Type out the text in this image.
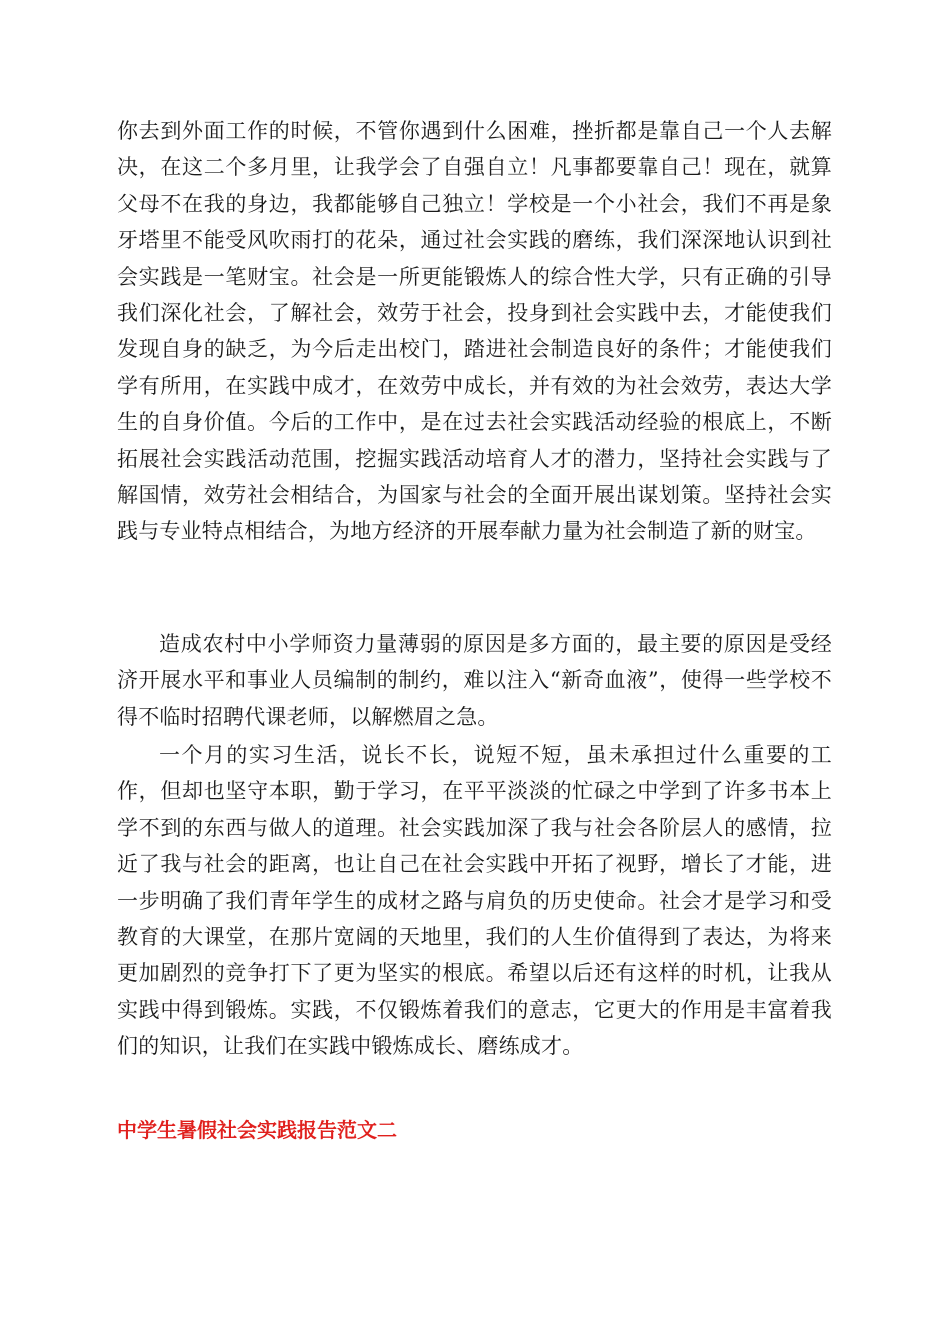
你去到外面工作的时候，不管你遇到什么困难，挫折都是靠自己一个人去解决，在这二个多月里，让我学会了自强自立！凡事都要靠自己！现在，就算父母不在我的身边，我都能够自己独立！学校是一个小社会，我们不再是象牙塔里不能受风吹雨打的花朵，通过社会实践的磨练，我们深深地认识到社会实践是一笔财宝。社会是一所更能锻炼人的综合性大学，只有正确的引导我们深化社会，了解社会，效劳于社会，投身到社会实践中去，才能使我们发现自身的缺乏，为今后走出校门，踏进社会制造良好的条件；才能使我们学有所用，在实践中成才，在效劳中成长，并有效的为社会效劳，表达大学生的自身价值。今后的工作中，是在过去社会实践活动经验的根底上，不断拓展社会实践活动范围，挖掘实践活动培育人才的潜力，坚持社会实践与了解国情，效劳社会相结合，为国家与社会的全面开展出谋划策。坚持社会实践与专业特点相结合，为地方经济的开展奉献力量为社会制造了新的财宝。

造成农村中小学师资力量薄弱的原因是多方面的，最主要的原因是受经济开展水平和事业人员编制的制约，难以注入“新奇血液”，使得一些学校不得不临时招聘代课老师，以解燃眉之急。

一个月的实习生活，说长不长，说短不短，虽未承担过什么重要的工作，但却也坚守本职，勤于学习，在平平淡淡的忙碌之中学到了许多书本上学不到的东西与做人的道理。社会实践加深了我与社会各阶层人的感情，拉近了我与社会的距离，也让自己在社会实践中开拓了视野，增长了才能，进一步明确了我们青年学生的成材之路与肩负的历史使命。社会才是学习和受教育的大课堂，在那片宽阔的天地里，我们的人生价值得到了表达，为将来更加剧烈的竞争打下了更为坚实的根底。希望以后还有这样的时机，让我从实践中得到锻炼。实践，不仅锻炼着我们的意志，它更大的作用是丰富着我们的知识，让我们在实践中锻炼成长、磨练成才。

中学生暑假社会实践报告范文二
